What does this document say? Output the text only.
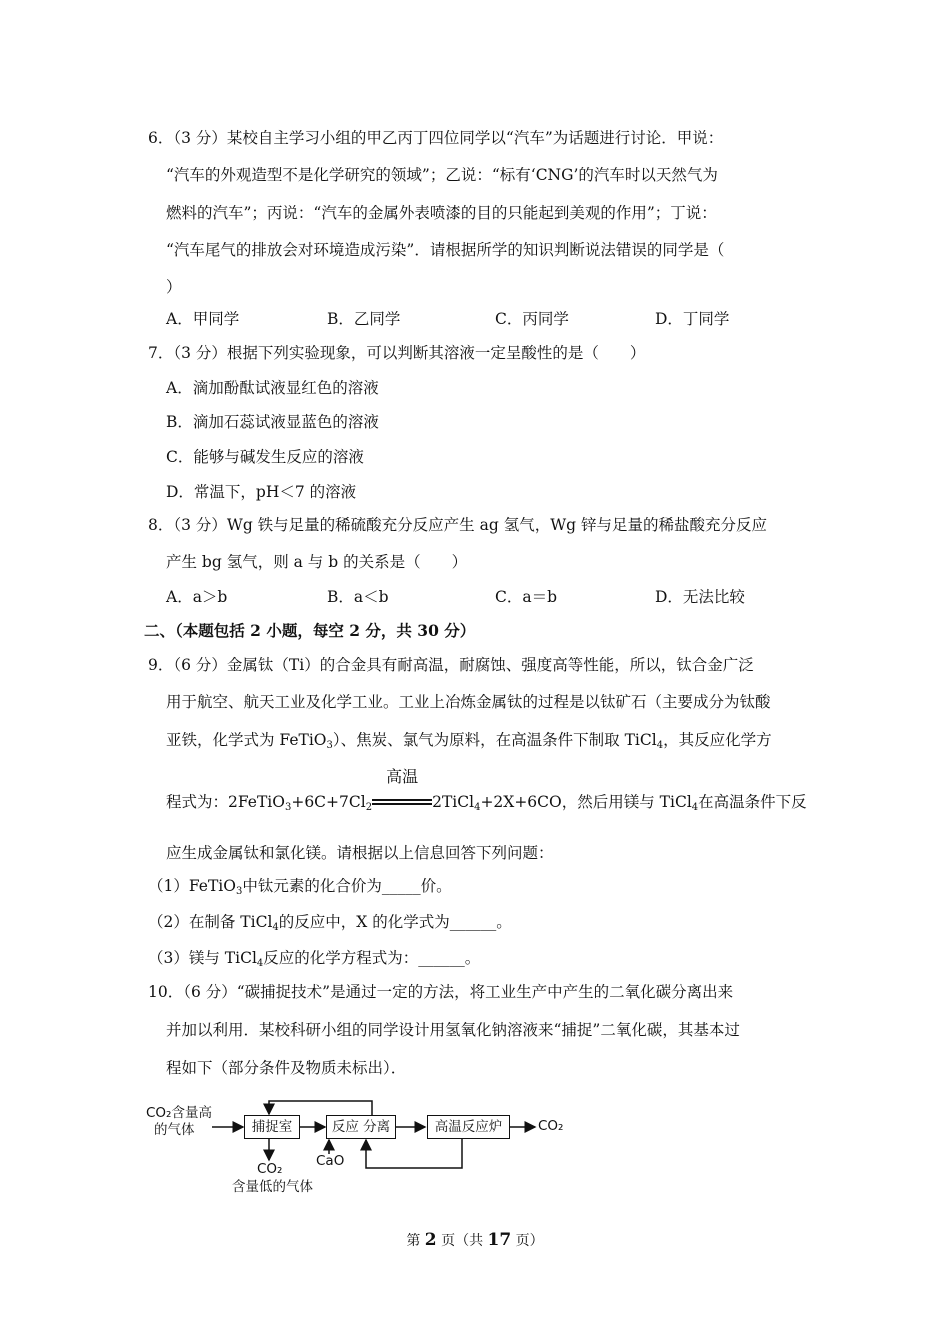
6．（3 分）某校自主学习小组的甲乙丙丁四位同学以“汽车”为话题进行讨论．甲说：
“汽车的外观造型不是化学研究的领域”；乙说：“标有‘CNG’的汽车时以天然气为
燃料的汽车”；丙说：“汽车的金属外表喷漆的目的只能起到美观的作用”；丁说：
“汽车尾气的排放会对环境造成污染”．请根据所学的知识判断说法错误的同学是（
）
A．甲同学	B．乙同学	C．丙同学	D．丁同学
7．（3 分）根据下列实验现象，可以判断其溶液一定呈酸性的是（　　）
A．滴加酚酞试液显红色的溶液
B．滴加石蕊试液显蓝色的溶液
C．能够与碱发生反应的溶液
D．常温下，pH＜7 的溶液
8．（3 分）Wg 铁与足量的稀硫酸充分反应产生 ag 氢气，Wg 锌与足量的稀盐酸充分反应
产生 bg 氢气，则 a 与 b 的关系是（　　）
A．a＞b	B．a＜b	C．a＝b	D．无法比较
二、（本题包括 2 小题，每空 2 分，共 30 分）
9．（6 分）金属钛（Ti）的合金具有耐高温，耐腐蚀、强度高等性能，所以，钛合金广泛
用于航空、航天工业及化学工业。工业上冶炼金属钛的过程是以钛矿石（主要成分为钛酸
亚铁，化学式为 FeTiO$_3$）、焦炭、氯气为原料，在高温条件下制取 TiCl$_4$，其反应化学方
程式为：$2FeTiO_3+6C+7Cl_2$
高温
2TiCl$_4$+2X+6CO，然后用镁与 TiCl$_4$在高温条件下反
应生成金属钛和氯化镁。请根据以上信息回答下列问题：
（1）FeTiO$_3$中钛元素的化合价为_____价。
（2）在制备 TiCl$_4$的反应中，X 的化学式为______。
（3）镁与 TiCl$_4$反应的化学方程式为：______。
10．（6 分）“碳捕捉技术”是通过一定的方法，将工业生产中产生的二氧化碳分离出来
并加以利用．某校科研小组的同学设计用氢氧化钠溶液来“捕捉”二氧化碳，其基本过
程如下（部分条件及物质未标出）．
CO₂含量高
的气体	捕捉室	反应 分离	高温反应炉	CO₂
CO₂
含量低的气体
CaO
第 2 页（共 17 页）
